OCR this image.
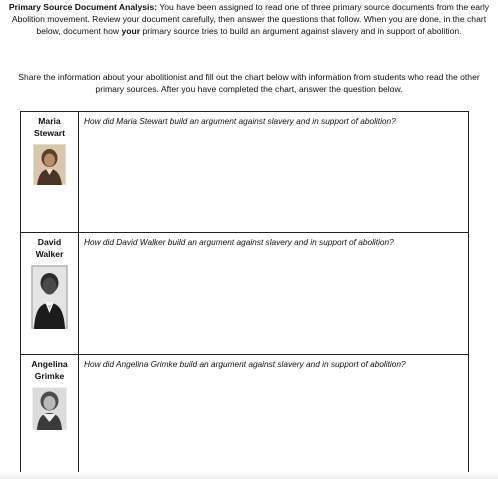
Primary Source Document Analysis: You have been assigned to read one of three primary source documents from the early Abolition movement. Review your document carefully, then answer the questions that follow. When you are done, in the chart below, document how your primary source tries to build an argument against slavery and in support of abolition.
Share the information about your abolitionist and fill out the chart below with information from students who read the other primary sources. After you have completed the chart, answer the question below.
Maria
Stewart	How did Maria Stewart build an argument against slavery and in support of abolition?

David
Walker	How did David Walker build an argument against slavery and in support of abolition?

Angelina
Grimke	How did Angelina Grimke build an argument against slavery and in support of abolition?
